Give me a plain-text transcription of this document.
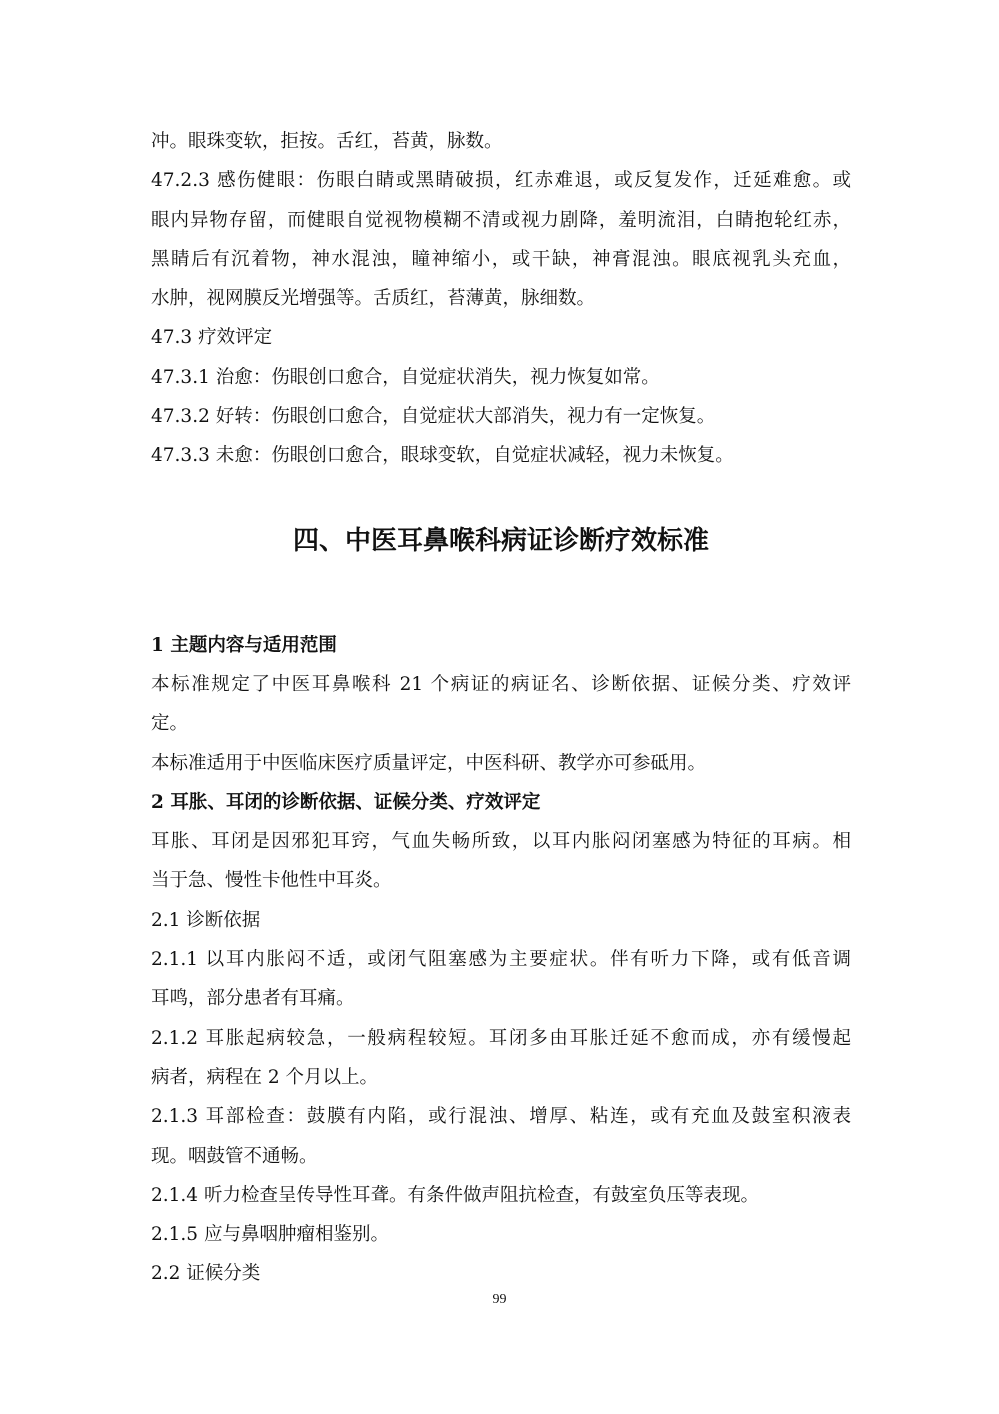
冲。眼珠变软，拒按。舌红，苔黄，脉数。

47.2.3 感伤健眼：伤眼白睛或黑睛破损，红赤难退，或反复发作，迁延难愈。或

眼内异物存留，而健眼自觉视物模糊不清或视力剧降，羞明流泪，白睛抱轮红赤，

黑睛后有沉着物，神水混浊，瞳神缩小，或干缺，神膏混浊。眼底视乳头充血，

水肿，视网膜反光增强等。舌质红，苔薄黄，脉细数。

47.3 疗效评定

47.3.1 治愈：伤眼创口愈合，自觉症状消失，视力恢复如常。

47.3.2 好转：伤眼创口愈合，自觉症状大部消失，视力有一定恢复。

47.3.3 未愈：伤眼创口愈合，眼球变软，自觉症状减轻，视力未恢复。

四、中医耳鼻喉科病证诊断疗效标准

1 主题内容与适用范围

本标准规定了中医耳鼻喉科 21 个病证的病证名、诊断依据、证候分类、疗效评

定。

本标准适用于中医临床医疗质量评定，中医科研、教学亦可参砥用。

2 耳胀、耳闭的诊断依据、证候分类、疗效评定

耳胀、耳闭是因邪犯耳窍，气血失畅所致，以耳内胀闷闭塞感为特征的耳病。相

当于急、慢性卡他性中耳炎。

2.1 诊断依据

2.1.1 以耳内胀闷不适，或闭气阻塞感为主要症状。伴有听力下降，或有低音调

耳鸣，部分患者有耳痛。

2.1.2 耳胀起病较急，一般病程较短。耳闭多由耳胀迁延不愈而成，亦有缓慢起

病者，病程在 2 个月以上。

2.1.3 耳部检查：鼓膜有内陷，或行混浊、增厚、粘连，或有充血及鼓室积液表

现。咽鼓管不通畅。

2.1.4 听力检查呈传导性耳聋。有条件做声阻抗检查，有鼓室负压等表现。

2.1.5 应与鼻咽肿瘤相鉴别。

2.2 证候分类

99
